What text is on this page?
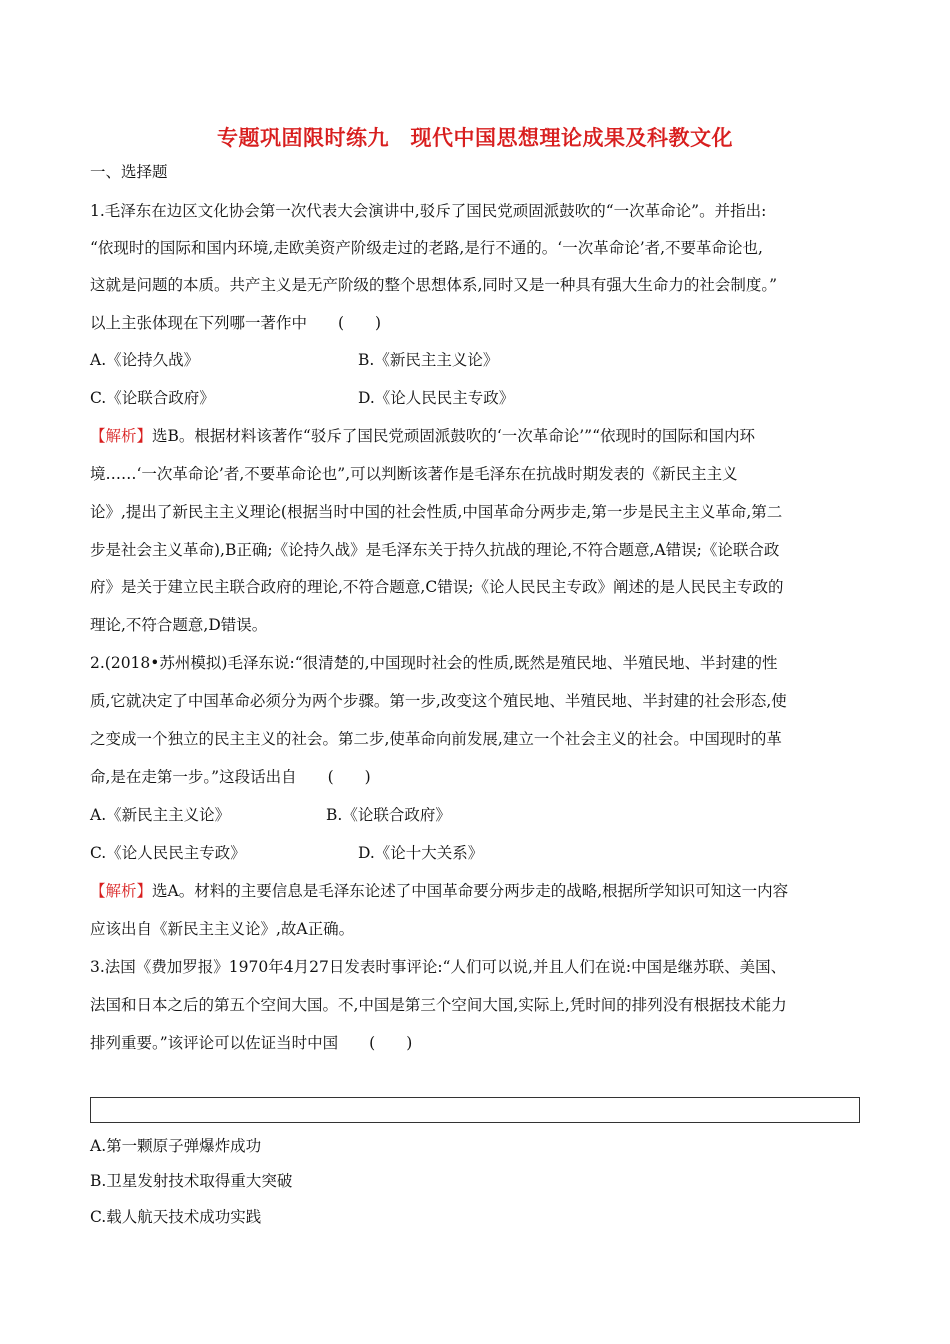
专题巩固限时练九　现代中国思想理论成果及科教文化
一、选择题
1.毛泽东在边区文化协会第一次代表大会演讲中,驳斥了国民党顽固派鼓吹的“一次革命论”。并指出:
“依现时的国际和国内环境,走欧美资产阶级走过的老路,是行不通的。‘一次革命论’者,不要革命论也,
这就是问题的本质。共产主义是无产阶级的整个思想体系,同时又是一种具有强大生命力的社会制度。”
以上主张体现在下列哪一著作中　　(　　)
A.《论持久战》	B.《新民主主义论》
C.《论联合政府》	D.《论人民民主专政》
【解析】选B。根据材料该著作“驳斥了国民党顽固派鼓吹的‘一次革命论’”“依现时的国际和国内环
境……‘一次革命论’者,不要革命论也”,可以判断该著作是毛泽东在抗战时期发表的《新民主主义
论》,提出了新民主主义理论(根据当时中国的社会性质,中国革命分两步走,第一步是民主主义革命,第二
步是社会主义革命),B正确;《论持久战》是毛泽东关于持久抗战的理论,不符合题意,A错误;《论联合政
府》是关于建立民主联合政府的理论,不符合题意,C错误;《论人民民主专政》阐述的是人民民主专政的
理论,不符合题意,D错误。
2.(2018•苏州模拟)毛泽东说:“很清楚的,中国现时社会的性质,既然是殖民地、半殖民地、半封建的性
质,它就决定了中国革命必须分为两个步骤。第一步,改变这个殖民地、半殖民地、半封建的社会形态,使
之变成一个独立的民主主义的社会。第二步,使革命向前发展,建立一个社会主义的社会。中国现时的革
命,是在走第一步。”这段话出自　　(　　)
A.《新民主主义论》	B.《论联合政府》
C.《论人民民主专政》	D.《论十大关系》
【解析】选A。材料的主要信息是毛泽东论述了中国革命要分两步走的战略,根据所学知识可知这一内容
应该出自《新民主主义论》,故A正确。
3.法国《费加罗报》1970年4月27日发表时事评论:“人们可以说,并且人们在说:中国是继苏联、美国、
法国和日本之后的第五个空间大国。不,中国是第三个空间大国,实际上,凭时间的排列没有根据技术能力
排列重要。”该评论可以佐证当时中国　　(　　)
A.第一颗原子弹爆炸成功
B.卫星发射技术取得重大突破
C.载人航天技术成功实践
